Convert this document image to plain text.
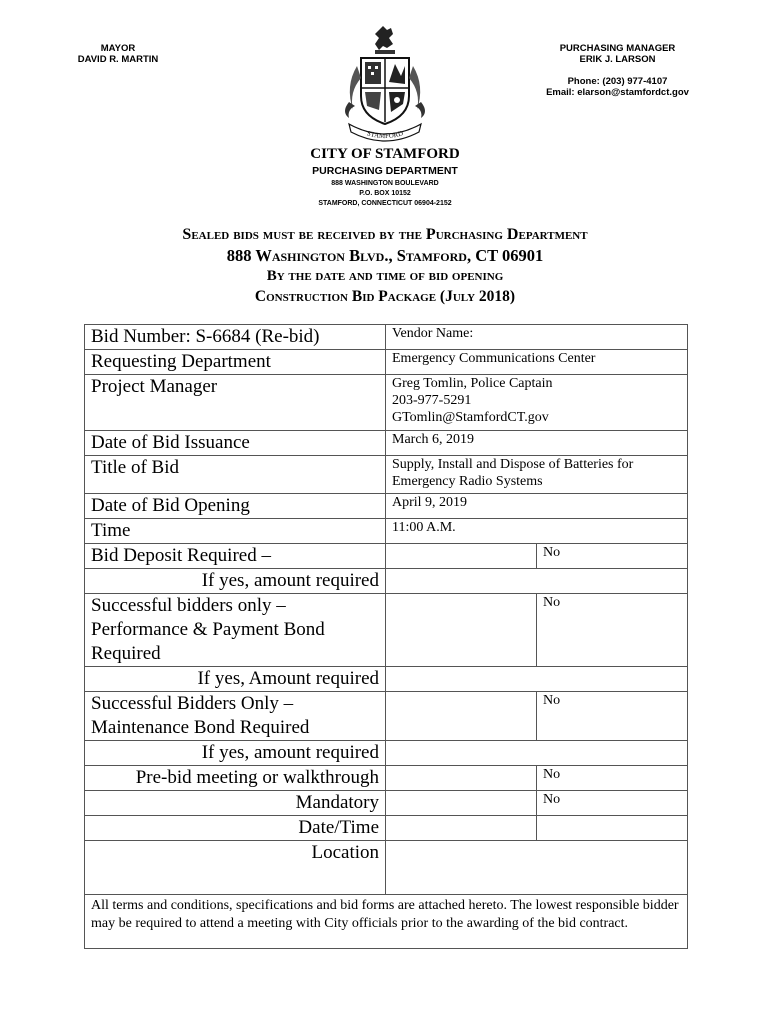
MAYOR
DAVID R. MARTIN
PURCHASING MANAGER
ERIK J. LARSON
Phone: (203) 977-4107
Email: elarson@stamfordct.gov
STAMFORD
CITY OF STAMFORD
PURCHASING DEPARTMENT
888 WASHINGTON BOULEVARD
P.O. BOX 10152
STAMFORD, CONNECTICUT 06904-2152
Sealed bids must be received by the Purchasing Department
888 Washington Blvd., Stamford, CT 06901
By the date and time of bid opening
Construction Bid Package (July 2018)
Bid Number: S-6684 (Re-bid)	Vendor Name:	
Requesting Department	Emergency Communications Center	
Project Manager	Greg Tomlin, Police Captain
203-977-5291
GTomlin@StamfordCT.gov	

Date of Bid Issuance	March 6, 2019	
Title of Bid	Supply, Install and Dispose of Batteries for
Emergency Radio Systems	

Date of Bid Opening	April 9, 2019	
Time	11:00 A.M.	
Bid Deposit Required –		No
If yes, amount required		

Successful bidders only –
Performance & Payment Bond
Required		No
If yes, Amount required		

Successful Bidders Only –
Maintenance Bond Required		No
If yes, amount required		
Pre-bid meeting or walkthrough		No
Mandatory		No
Date/Time		
Location		
All terms and conditions, specifications and bid forms are attached hereto. The lowest responsible bidder may be required to attend a meeting with City officials prior to the awarding of the bid contract.		
